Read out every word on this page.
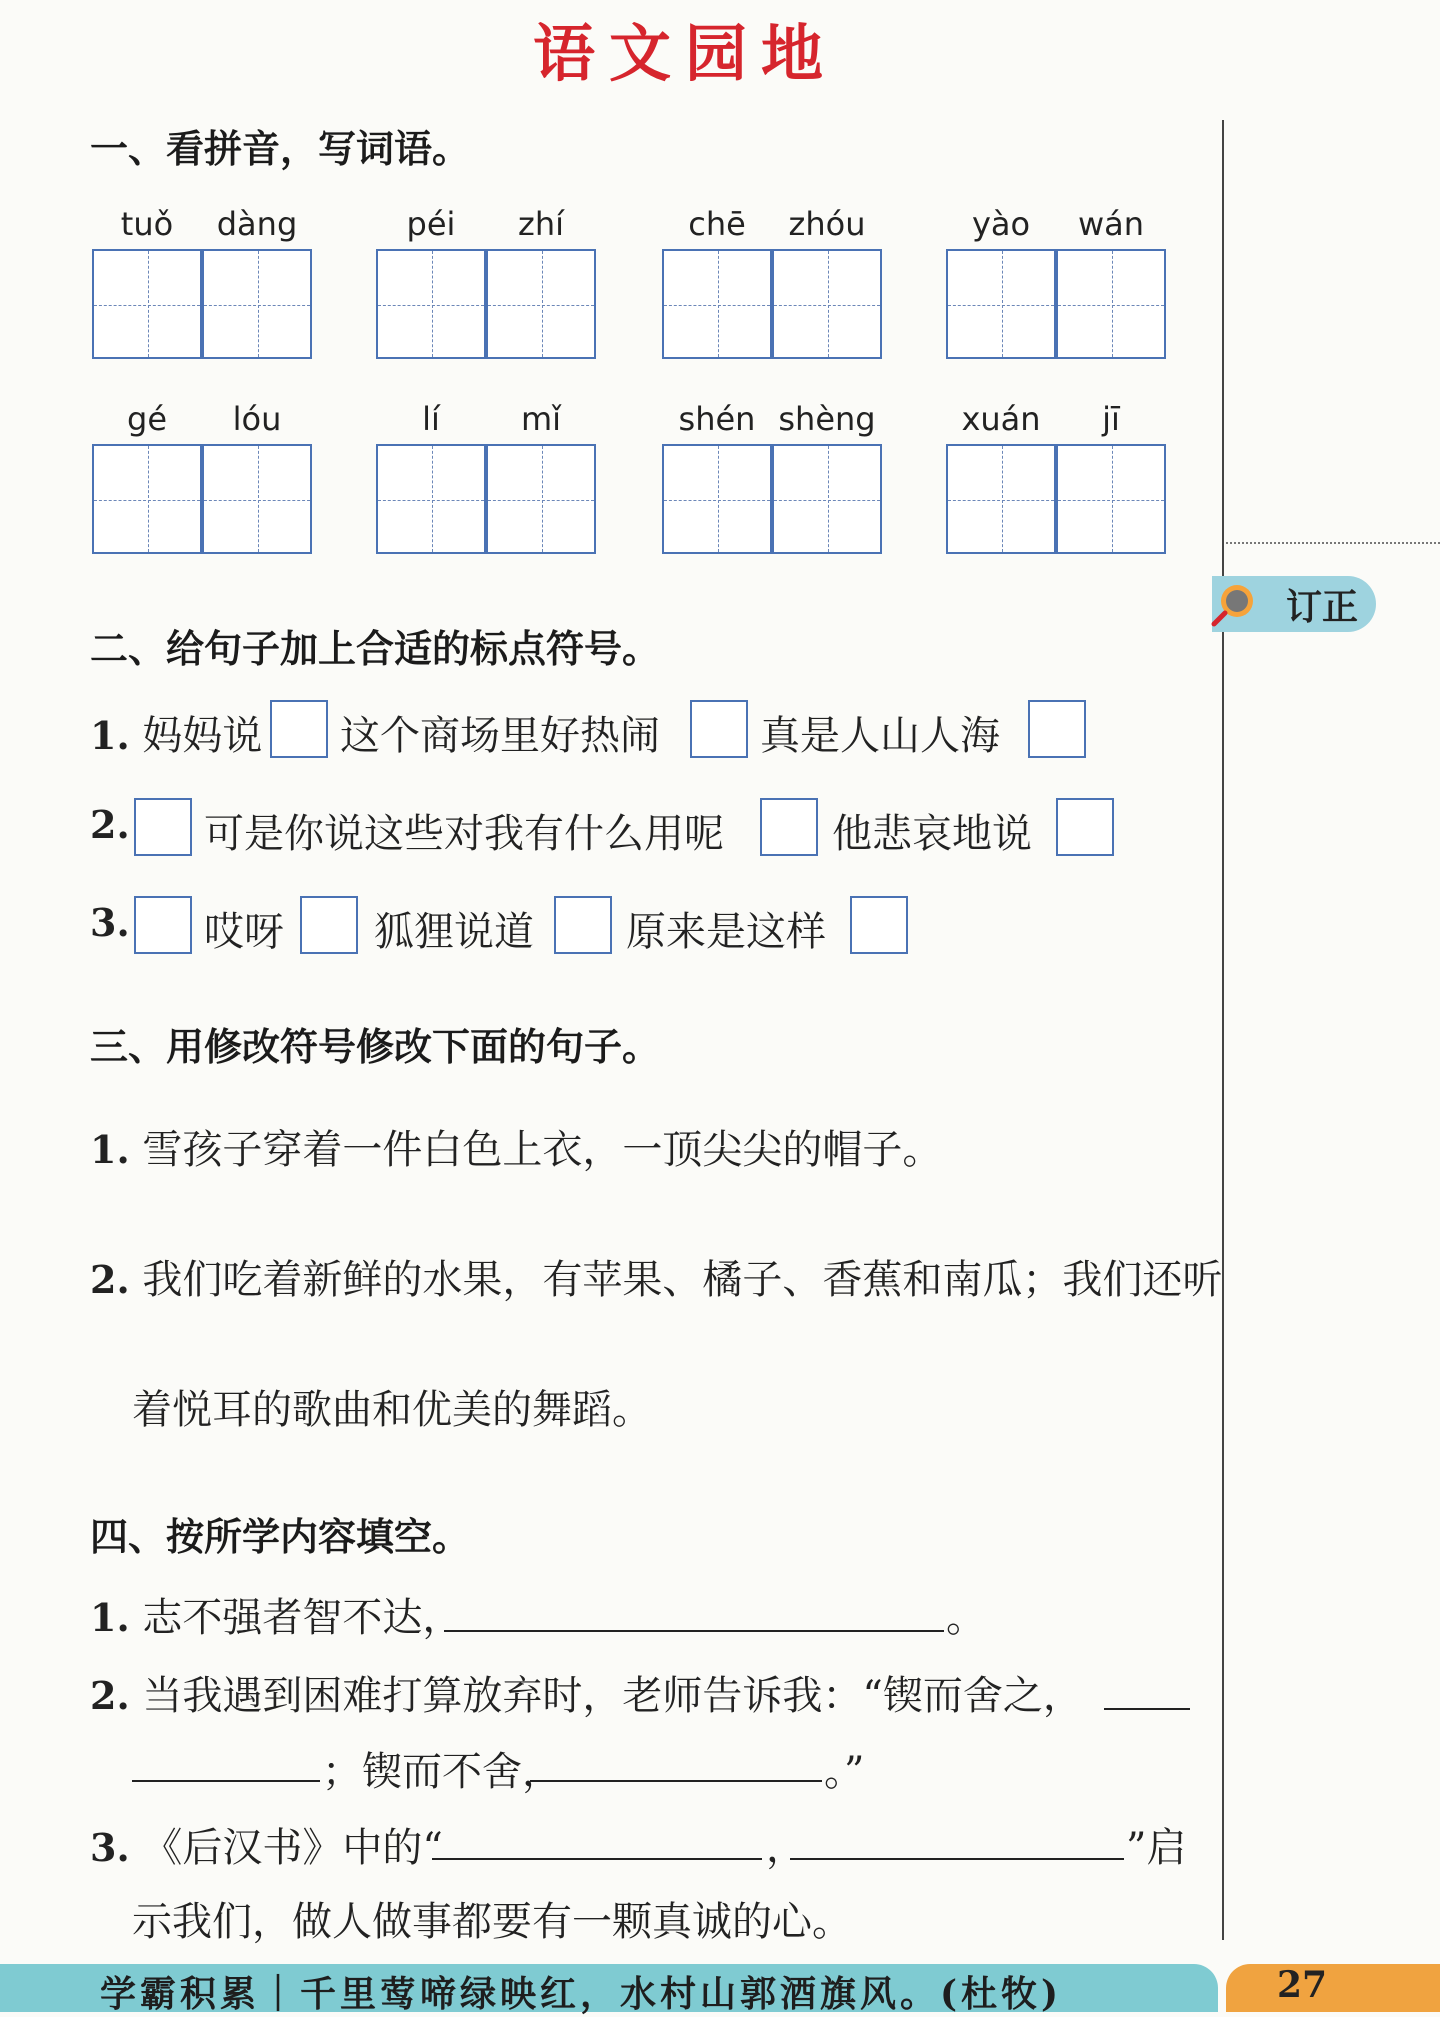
语文园地
订正
一、看拼音，写词语。
tuǒ	dàng	péi	zhí	chē	zhóu	yào	wán
gé	lóu	lí	mǐ	shén shèng	xuán	jī
二、给句子加上合适的标点符号。
1. 妈妈说 这个商场里好热闹	真是人山人海
2. 可是你说这些对我有什么用呢	他悲哀地说
3. 哎呀 狐狸说道 原来是这样
三、用修改符号修改下面的句子。
1. 雪孩子穿着一件白色上衣，一顶尖尖的帽子。
2. 我们吃着新鲜的水果，有苹果、橘子、香蕉和南瓜；我们还听
着悦耳的歌曲和优美的舞蹈。
四、按所学内容填空。
1. 志不强者智不达，	。
2. 当我遇到困难打算放弃时，老师告诉我：“锲而舍之，
；锲而不舍，	。”
3. 《后汉书》中的“	，	”启
示我们，做人做事都要有一颗真诚的心。
学霸积累｜千里莺啼绿映红，水村山郭酒旗风。(杜牧)	27
